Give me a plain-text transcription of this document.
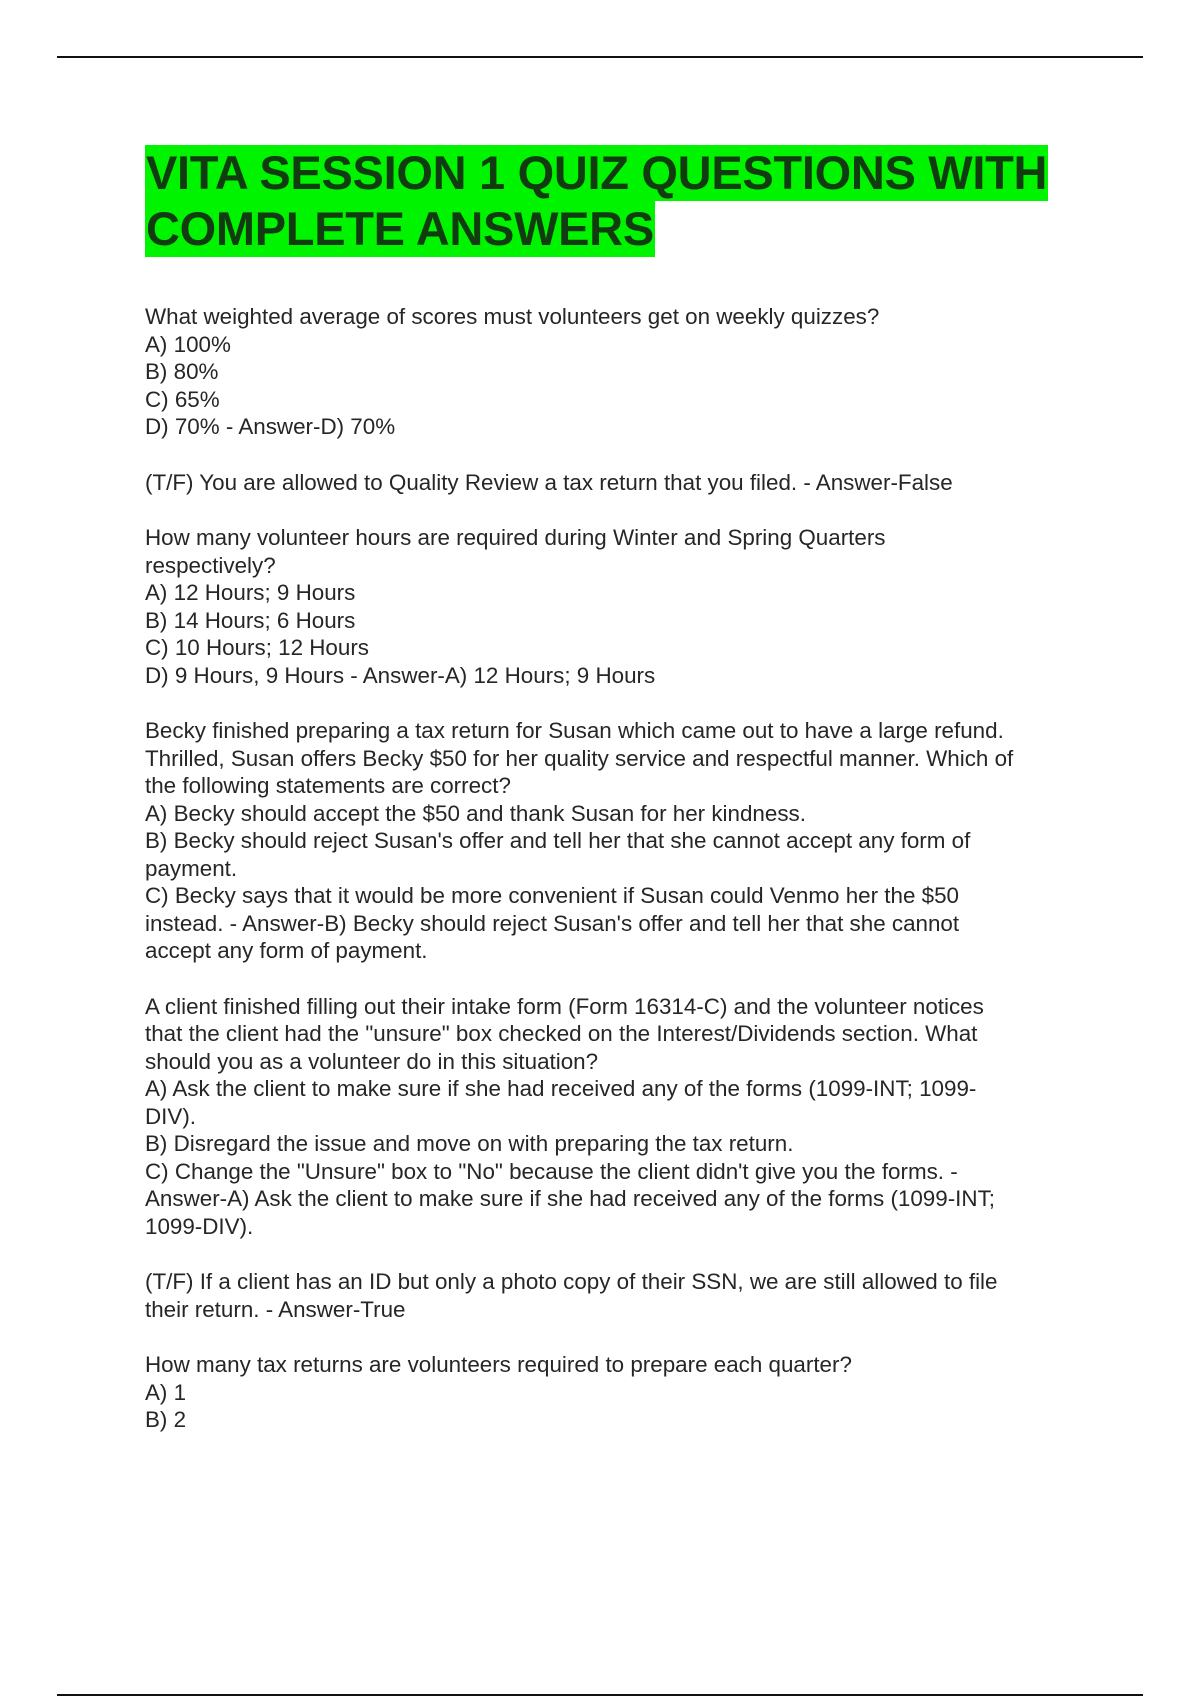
VITA SESSION 1 QUIZ QUESTIONS WITH
COMPLETE ANSWERS
What weighted average of scores must volunteers get on weekly quizzes?
A) 100%
B) 80%
C) 65%
D) 70% - Answer-D) 70%
(T/F) You are allowed to Quality Review a tax return that you filed. - Answer-False
How many volunteer hours are required during Winter and Spring Quarters
respectively?
A) 12 Hours; 9 Hours
B) 14 Hours; 6 Hours
C) 10 Hours; 12 Hours
D) 9 Hours, 9 Hours - Answer-A) 12 Hours; 9 Hours
Becky finished preparing a tax return for Susan which came out to have a large refund.
Thrilled, Susan offers Becky $50 for her quality service and respectful manner. Which of
the following statements are correct?
A) Becky should accept the $50 and thank Susan for her kindness.
B) Becky should reject Susan's offer and tell her that she cannot accept any form of
payment.
C) Becky says that it would be more convenient if Susan could Venmo her the $50
instead. - Answer-B) Becky should reject Susan's offer and tell her that she cannot
accept any form of payment.
A client finished filling out their intake form (Form 16314-C) and the volunteer notices
that the client had the "unsure" box checked on the Interest/Dividends section. What
should you as a volunteer do in this situation?
A) Ask the client to make sure if she had received any of the forms (1099-INT; 1099-
DIV).
B) Disregard the issue and move on with preparing the tax return.
C) Change the "Unsure" box to "No" because the client didn't give you the forms. -
Answer-A) Ask the client to make sure if she had received any of the forms (1099-INT;
1099-DIV).
(T/F) If a client has an ID but only a photo copy of their SSN, we are still allowed to file
their return. - Answer-True
How many tax returns are volunteers required to prepare each quarter?
A) 1
B) 2
